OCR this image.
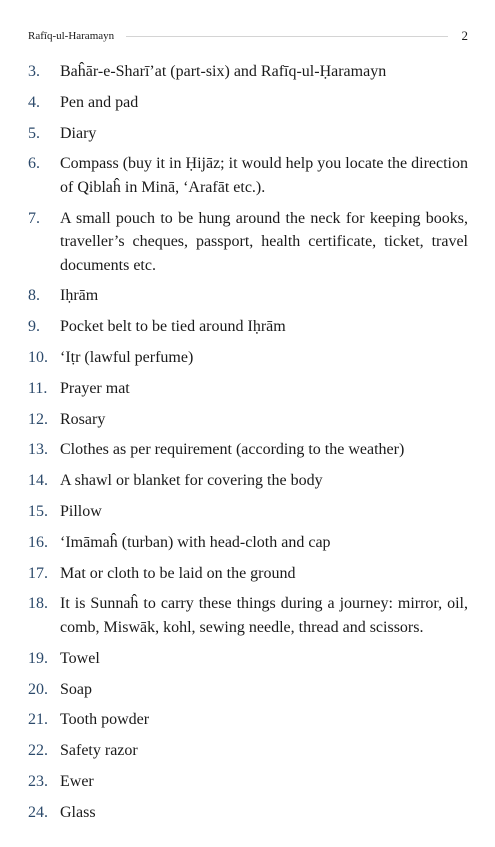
Rafīq-ul-Haramayn	2
3.	Baĥār-e-Sharī’at (part-six) and Rafīq-ul-Ḥaramayn
4.	Pen and pad
5.	Diary
6.	Compass (buy it in Ḥijāz; it would help you locate the direction of Qiblaĥ in Minā, ‘Arafāt etc.).
7.	A small pouch to be hung around the neck for keeping books, traveller’s cheques, passport, health certificate, ticket, travel documents etc.
8.	Iḥrām
9.	Pocket belt to be tied around Iḥrām
10. ‘Iṭr (lawful perfume)
11. Prayer mat
12. Rosary
13. Clothes as per requirement (according to the weather)
14. A shawl or blanket for covering the body
15. Pillow
16. ‘Imāmaĥ (turban) with head-cloth and cap
17. Mat or cloth to be laid on the ground
18. It is Sunnaĥ to carry these things during a journey: mirror, oil, comb, Miswāk, kohl, sewing needle, thread and scissors.
19. Towel
20. Soap
21. Tooth powder
22. Safety razor
23. Ewer
24. Glass
